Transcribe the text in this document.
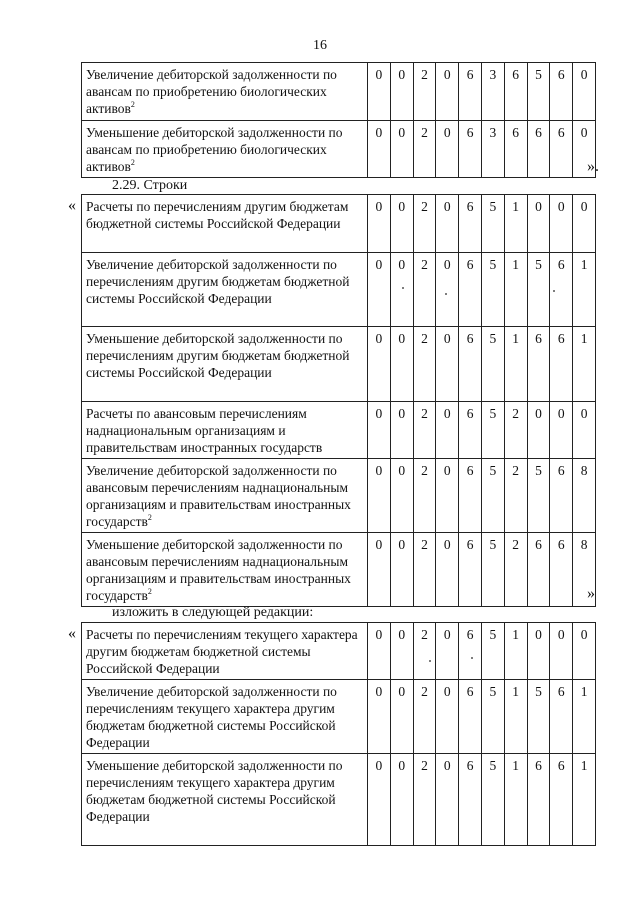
16
Увеличение дебиторской задолженности по авансам по приобретению биологических активов$^2$	0	0	2	0	6	3	6	5	6	0
Уменьшение дебиторской задолженности по авансам по приобретению биологических активов$^2$	0	0	2	0	6	3	6	6	6	0
».
2.29. Строки
« Расчеты по перечислениям другим бюджетам бюджетной системы Российской Федерации	0	0	2	0	6	5	1	0	0	0
Увеличение дебиторской задолженности по перечислениям другим бюджетам бюджетной системы Российской Федерации	0	0	2	0	6	5	1	5	6	1
Уменьшение дебиторской задолженности по перечислениям другим бюджетам бюджетной системы Российской Федерации	0	0	2	0	6	5	1	6	6	1
Расчеты по авансовым перечислениям наднациональным организациям и правительствам иностранных государств	0	0	2	0	6	5	2	0	0	0
Увеличение дебиторской задолженности по авансовым перечислениям наднациональным организациям и правительствам иностранных государств$^2$	0	0	2	0	6	5	2	5	6	8
Уменьшение дебиторской задолженности по авансовым перечислениям наднациональным организациям и правительствам иностранных государств$^2$	0	0	2	0	6	5	2	6	6	8
»
изложить в следующей редакции:
« Расчеты по перечислениям текущего характера другим бюджетам бюджетной системы Российской Федерации	0	0	2	0	6	5	1	0	0	0
Увеличение дебиторской задолженности по перечислениям текущего характера другим бюджетам бюджетной системы Российской Федерации	0	0	2	0	6	5	1	5	6	1
Уменьшение дебиторской задолженности по перечислениям текущего характера другим бюджетам бюджетной системы Российской Федерации	0	0	2	0	6	5	1	6	6	1
